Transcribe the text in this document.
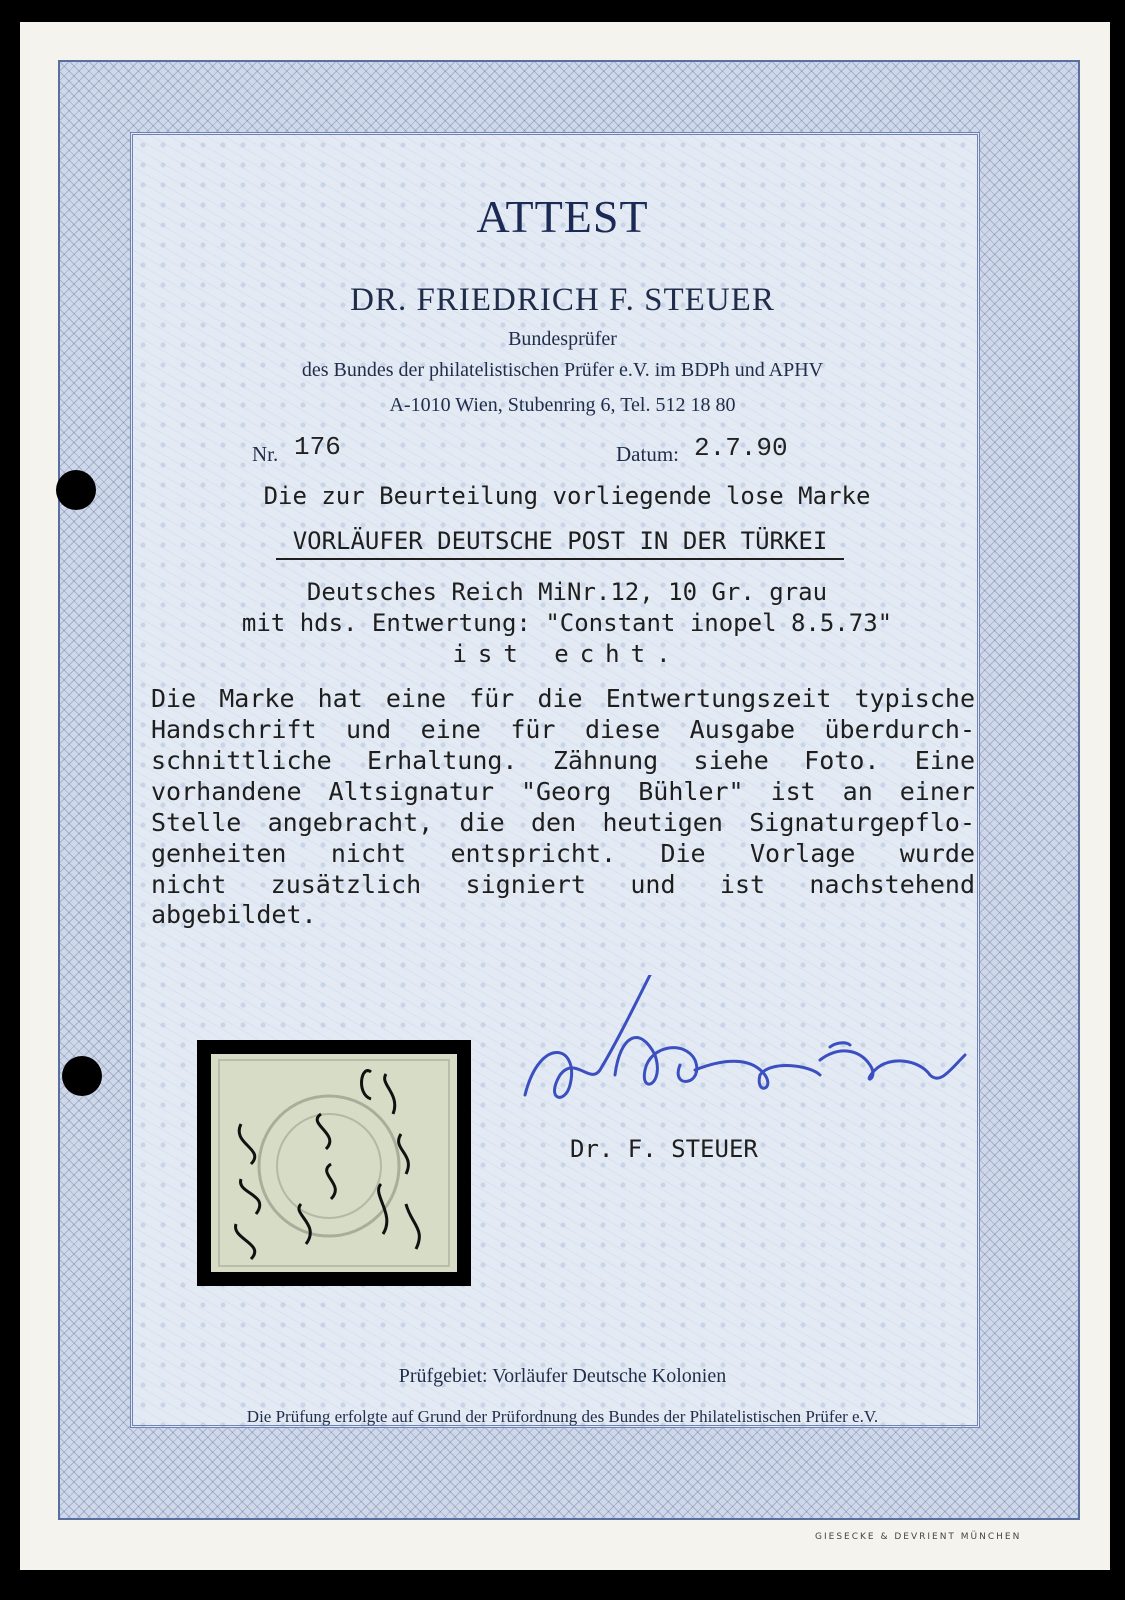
ATTEST
DR. FRIEDRICH F. STEUER
Bundesprüfer
des Bundes der philatelistischen Prüfer e.V. im BDPh und APHV
A-1010 Wien, Stubenring 6, Tel. 512 18 80
Nr. 176	Datum: 2.7.90
Die zur Beurteilung vorliegende lose Marke
VORLÄUFER DEUTSCHE POST IN DER TÜRKEI
Deutsches Reich MiNr.12, 10 Gr. grau
mit hds. Entwertung: "Constant inopel 8.5.73"
ist echt.
Die Marke hat eine für die Entwertungszeit typische
Handschrift und eine für diese Ausgabe überdurch-
schnittliche Erhaltung. Zähnung siehe Foto. Eine
vorhandene Altsignatur "Georg Bühler" ist an einer
Stelle angebracht, die den heutigen Signaturgepflo-
genheiten nicht entspricht. Die Vorlage wurde
nicht zusätzlich signiert und ist nachstehend
abgebildet.
Dr. F. STEUER
Prüfgebiet: Vorläufer Deutsche Kolonien
Die Prüfung erfolgte auf Grund der Prüfordnung des Bundes der Philatelistischen Prüfer e.V.
GIESECKE & DEVRIENT MÜNCHEN
